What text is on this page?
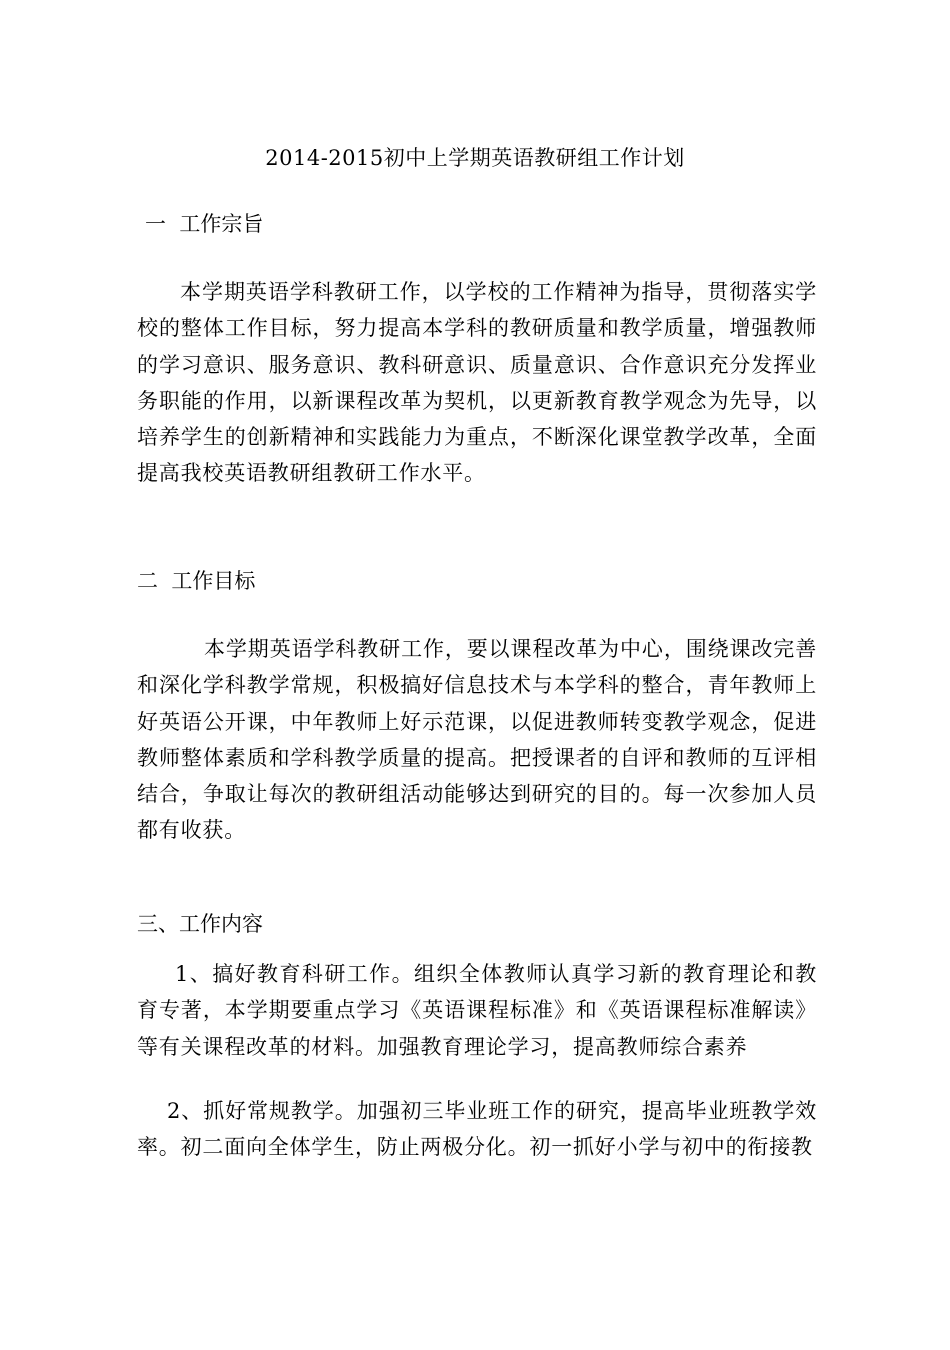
2014-2015初中上学期英语教研组工作计划
一  工作宗旨

本学期英语学科教研工作，以学校的工作精神为指导，贯彻落实学校的整体工作目标，努力提高本学科的教研质量和教学质量，增强教师的学习意识、服务意识、教科研意识、质量意识、合作意识充分发挥业务职能的作用，以新课程改革为契机，以更新教育教学观念为先导，以培养学生的创新精神和实践能力为重点，不断深化课堂教学改革，全面提高我校英语教研组教研工作水平。

二  工作目标

本学期英语学科教研工作，要以课程改革为中心，围绕课改完善和深化学科教学常规，积极搞好信息技术与本学科的整合，青年教师上好英语公开课，中年教师上好示范课，以促进教师转变教学观念，促进教师整体素质和学科教学质量的提高。把授课者的自评和教师的互评相结合，争取让每次的教研组活动能够达到研究的目的。每一次参加人员都有收获。

三、工作内容

1、搞好教育科研工作。组织全体教师认真学习新的教育理论和教育专著，本学期要重点学习《英语课程标准》和《英语课程标准解读》等有关课程改革的材料。加强教育理论学习，提高教师综合素养

2、抓好常规教学。加强初三毕业班工作的研究，提高毕业班教学效率。初二面向全体学生，防止两极分化。初一抓好小学与初中的衔接教
